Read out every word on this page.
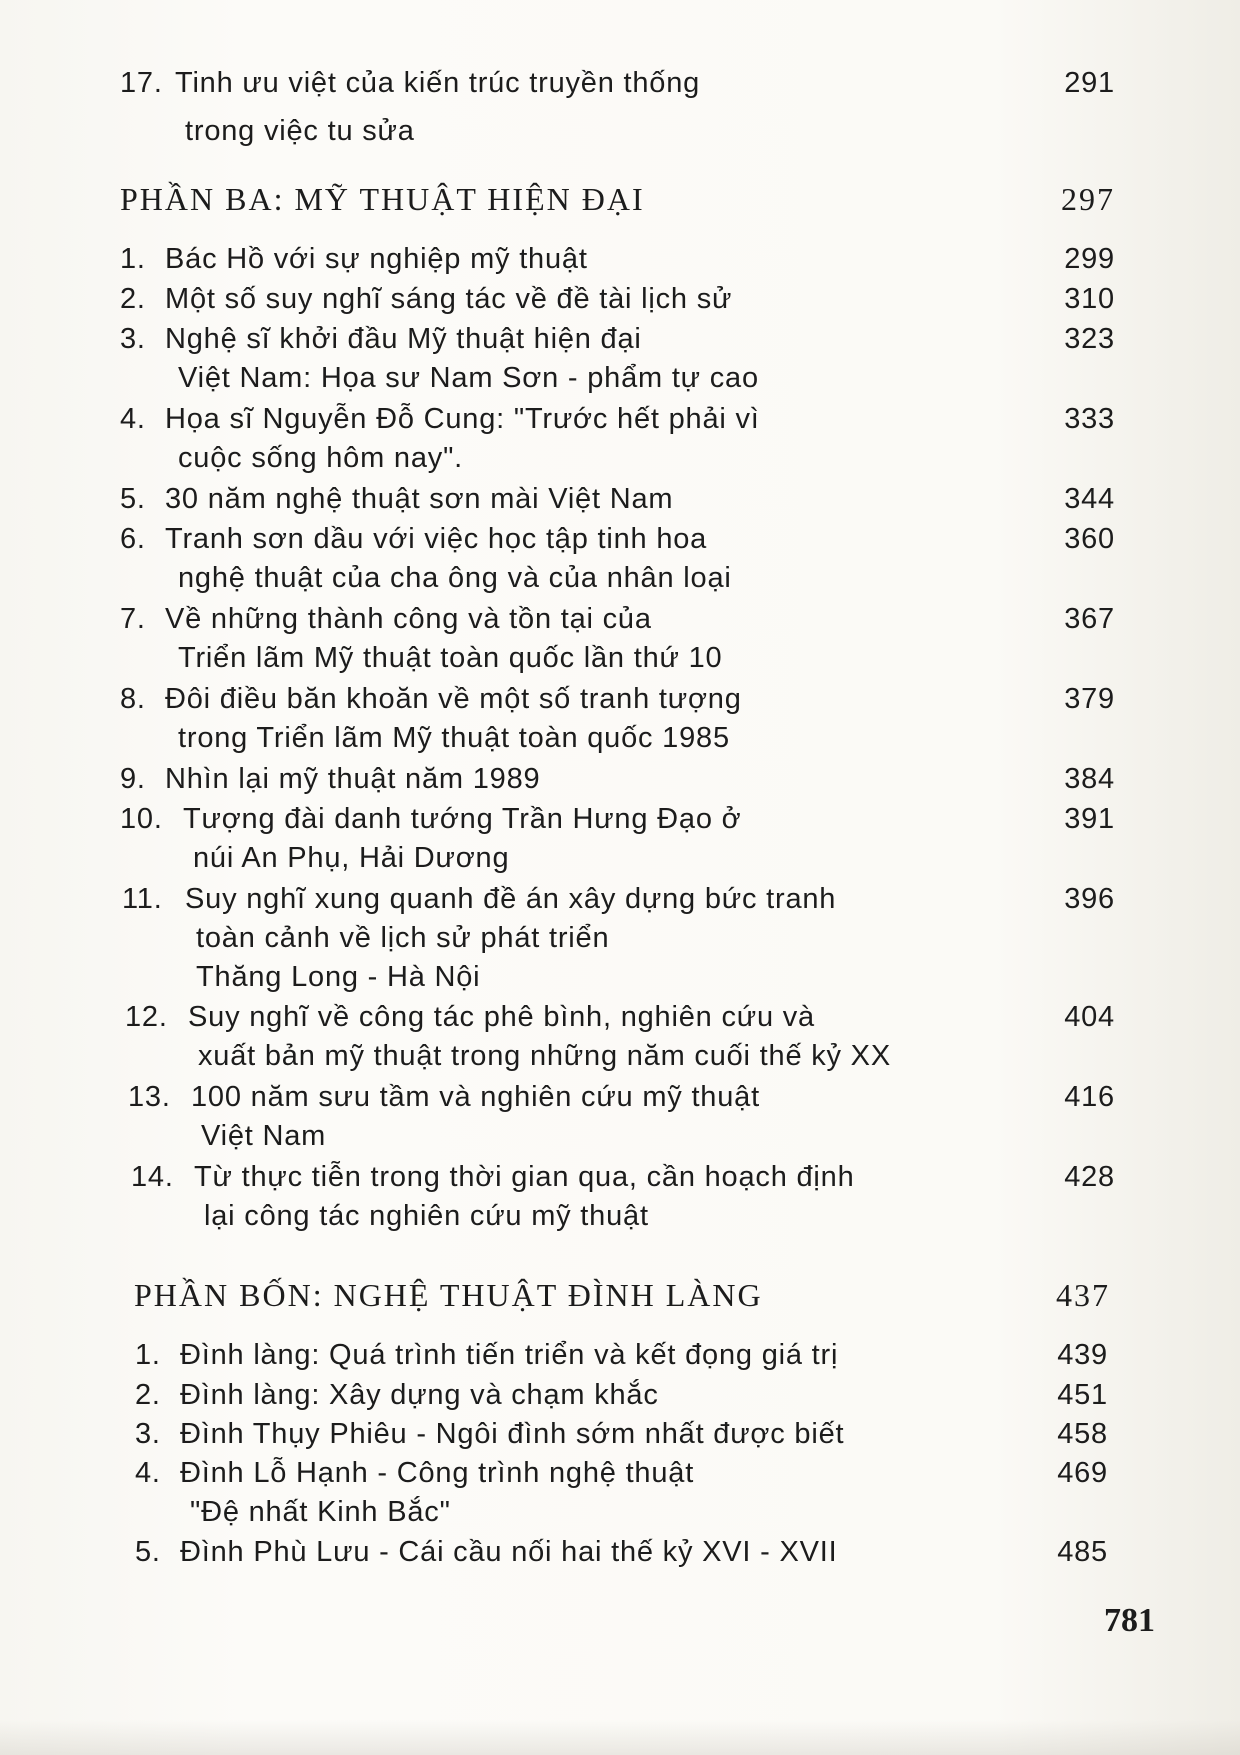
17. Tinh ưu việt của kiến trúc truyền thống	291
trong việc tu sửa
PHẦN BA: MỸ THUẬT HIỆN ĐẠI	297
1. Bác Hồ với sự nghiệp mỹ thuật	299
2. Một số suy nghĩ sáng tác về đề tài lịch sử	310
3. Nghệ sĩ khởi đầu Mỹ thuật hiện đại	323
Việt Nam: Họa sư Nam Sơn - phẩm tự cao
4. Họa sĩ Nguyễn Đỗ Cung: "Trước hết phải vì	333
cuộc sống hôm nay".
5. 30 năm nghệ thuật sơn mài Việt Nam	344
6. Tranh sơn dầu với việc học tập tinh hoa	360
nghệ thuật của cha ông và của nhân loại
7. Về những thành công và tồn tại của	367
Triển lãm Mỹ thuật toàn quốc lần thứ 10
8. Đôi điều băn khoăn về một số tranh tượng	379
trong Triển lãm Mỹ thuật toàn quốc 1985
9. Nhìn lại mỹ thuật năm 1989	384
10. Tượng đài danh tướng Trần Hưng Đạo ở	391
núi An Phụ, Hải Dương
11. Suy nghĩ xung quanh đề án xây dựng bức tranh	396
toàn cảnh về lịch sử phát triển
Thăng Long - Hà Nội
12. Suy nghĩ về công tác phê bình, nghiên cứu và	404
xuất bản mỹ thuật trong những năm cuối thế kỷ XX
13. 100 năm sưu tầm và nghiên cứu mỹ thuật	416
Việt Nam
14. Từ thực tiễn trong thời gian qua, cần hoạch định	428
lại công tác nghiên cứu mỹ thuật
PHẦN BỐN: NGHỆ THUẬT ĐÌNH LÀNG	437
1. Đình làng: Quá trình tiến triển và kết đọng giá trị	439
2. Đình làng: Xây dựng và chạm khắc	451
3. Đình Thụy Phiêu - Ngôi đình sớm nhất được biết	458
4. Đình Lỗ Hạnh - Công trình nghệ thuật	469
"Đệ nhất Kinh Bắc"
5. Đình Phù Lưu - Cái cầu nối hai thế kỷ XVI - XVII	485
781
